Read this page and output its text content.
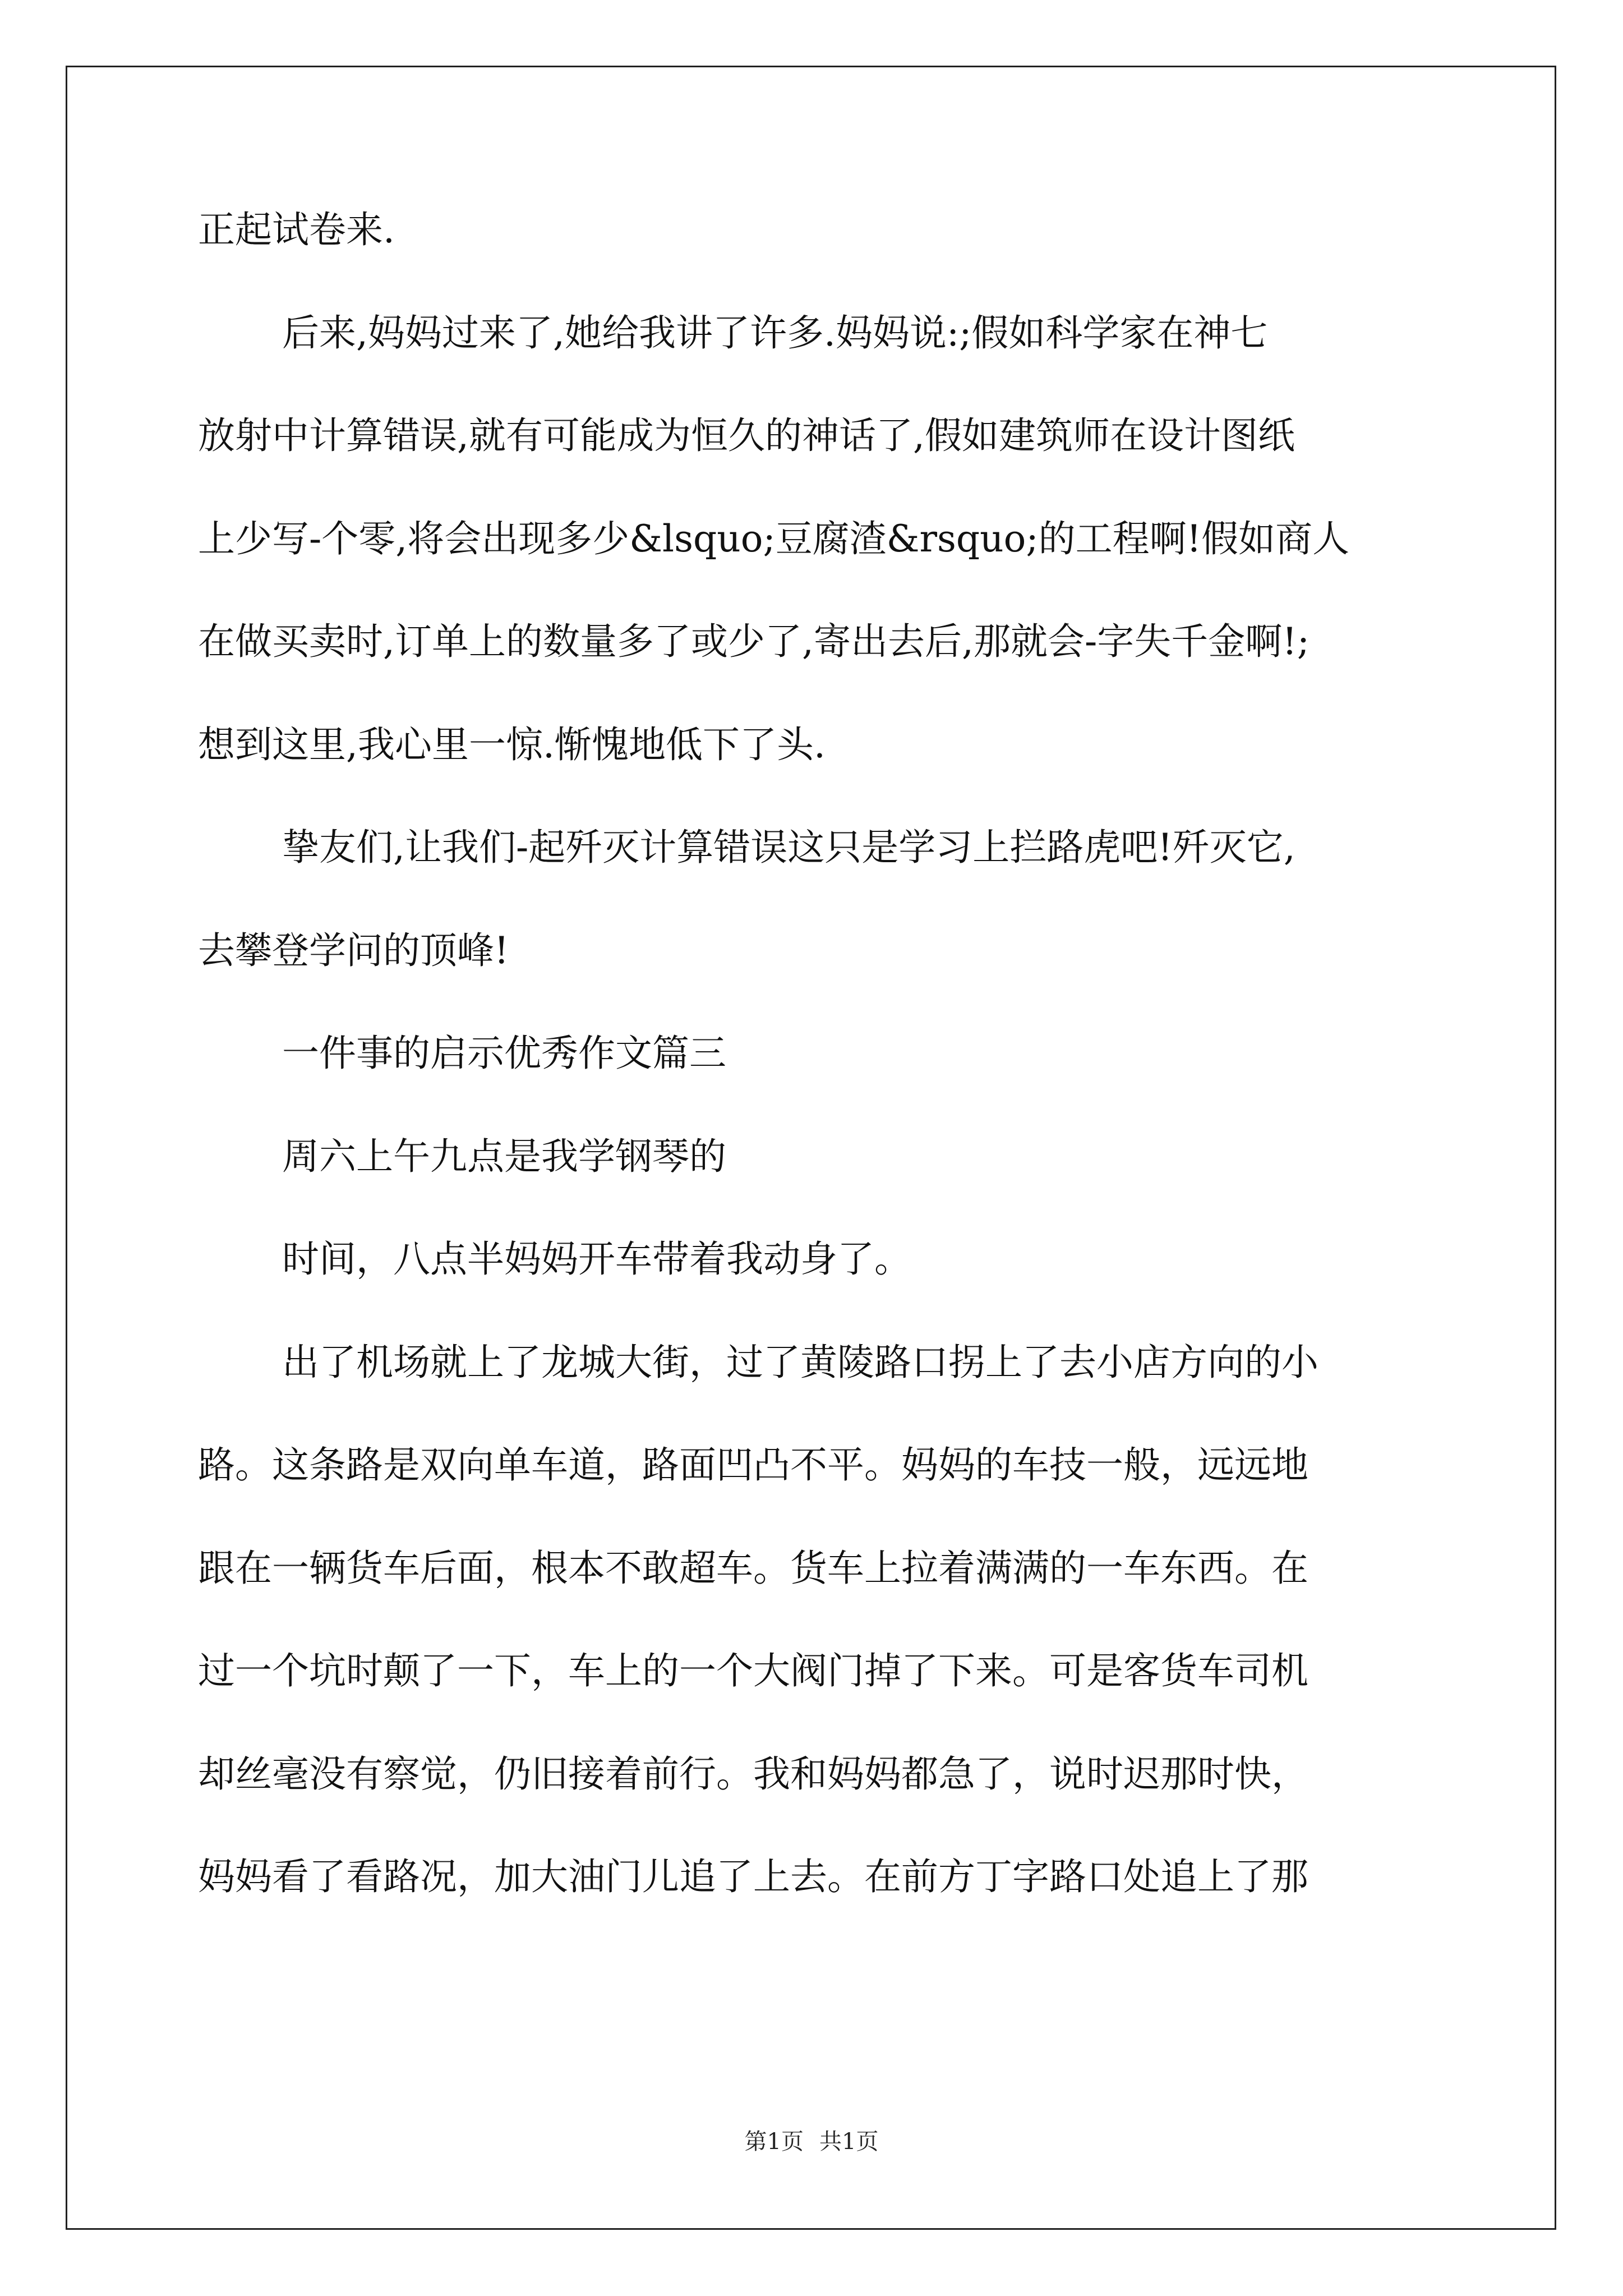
正起试卷来.
后来,妈妈过来了,她给我讲了许多.妈妈说:;假如科学家在神七
放射中计算错误,就有可能成为恒久的神话了,假如建筑师在设计图纸
上少写-个零,将会出现多少&lsquo;豆腐渣&rsquo;的工程啊!假如商人
在做买卖时,订单上的数量多了或少了,寄出去后,那就会-字失千金啊!;
想到这里,我心里一惊.惭愧地低下了头.
挚友们,让我们-起歼灭计算错误这只是学习上拦路虎吧!歼灭它,
去攀登学问的顶峰!
一件事的启示优秀作文篇三
周六上午九点是我学钢琴的
时间，八点半妈妈开车带着我动身了。
出了机场就上了龙城大街，过了黄陵路口拐上了去小店方向的小
路。这条路是双向单车道，路面凹凸不平。妈妈的车技一般，远远地
跟在一辆货车后面，根本不敢超车。货车上拉着满满的一车东西。在
过一个坑时颠了一下，车上的一个大阀门掉了下来。可是客货车司机
却丝毫没有察觉，仍旧接着前行。我和妈妈都急了，说时迟那时快，
妈妈看了看路况，加大油门儿追了上去。在前方丁字路口处追上了那
第1页 共1页
